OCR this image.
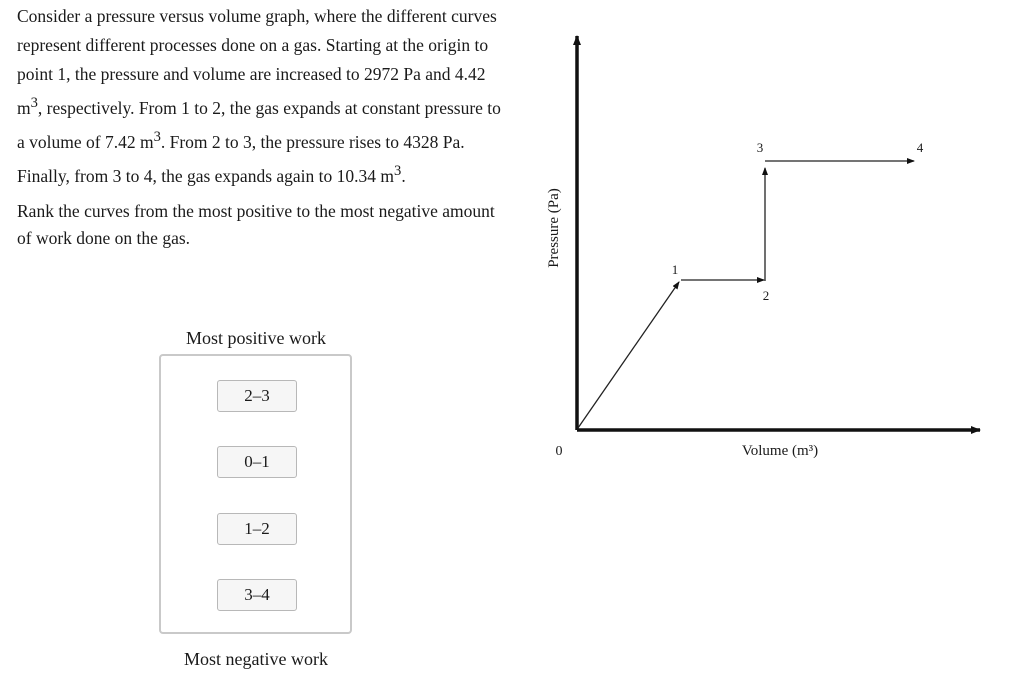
Consider a pressure versus volume graph, where the different curves represent different processes done on a gas. Starting at the origin to point 1, the pressure and volume are increased to 2972 Pa and 4.42 $m^3$, respectively. From 1 to 2, the gas expands at constant pressure to a volume of 7.42 $m^3$. From 2 to 3, the pressure rises to 4328 Pa. Finally, from 3 to 4, the gas expands again to 10.34 $m^3$.

Rank the curves from the most positive to the most negative amount of work done on the gas.

Most positive work
2–3
0–1
1–2
3–4
Most negative work
Pressure (Pa)
Volume (m³)
0
1
2
3	4
